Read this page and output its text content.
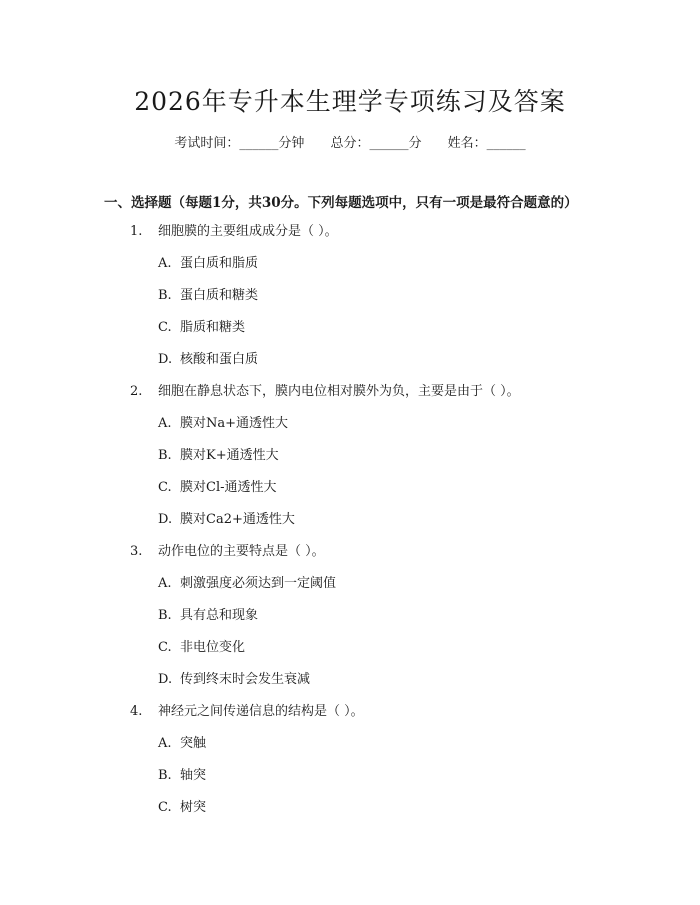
2026年专升本生理学专项练习及答案
考试时间：______分钟 总分：______分 姓名：______
一、选择题（每题1分，共30分。下列每题选项中，只有一项是最符合题意的）
1. 细胞膜的主要组成成分是（ ）。
A. 蛋白质和脂质
B. 蛋白质和糖类
C. 脂质和糖类
D. 核酸和蛋白质
2. 细胞在静息状态下，膜内电位相对膜外为负，主要是由于（ ）。
A. 膜对Na+通透性大
B. 膜对K+通透性大
C. 膜对Cl-通透性大
D. 膜对Ca2+通透性大
3. 动作电位的主要特点是（ ）。
A. 刺激强度必须达到一定阈值
B. 具有总和现象
C. 非电位变化
D. 传到终末时会发生衰减
4. 神经元之间传递信息的结构是（ ）。
A. 突触
B. 轴突
C. 树突
